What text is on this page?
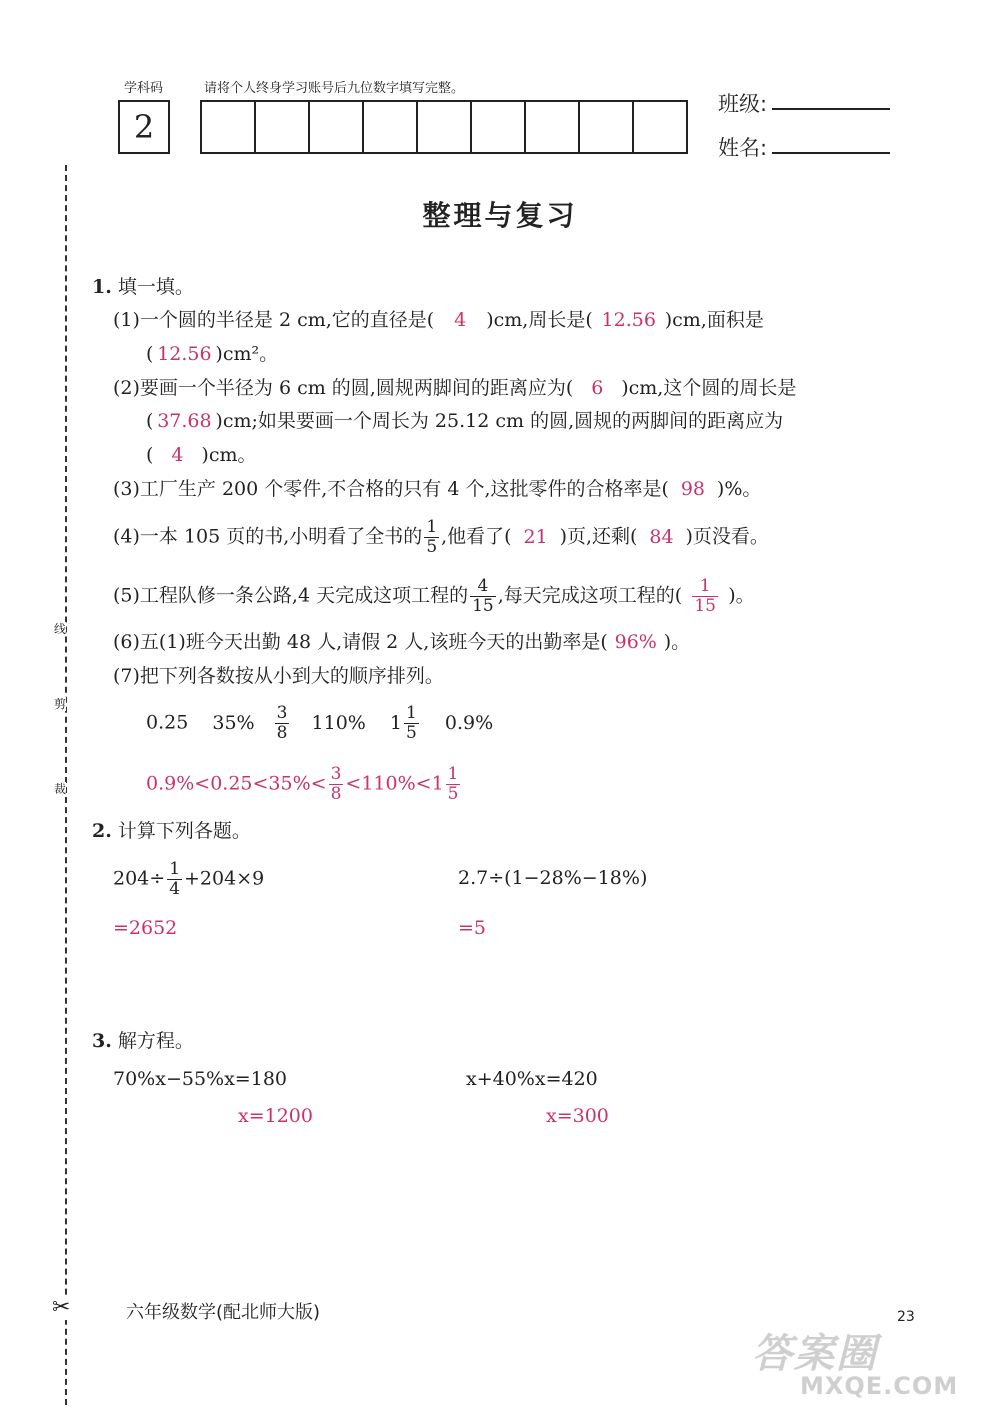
学科码	请将个人终身学习账号后九位数字填写完整。
2
班级:
姓名:
线
剪
裁
✂
整理与复习
1. 填一填。
(1)一个圆的半径是 2 cm,它的直径是( 4 )cm,周长是( 12.56 )cm,面积是
( 12.56 )cm²。
(2)要画一个半径为 6 cm 的圆,圆规两脚间的距离应为( 6 )cm,这个圆的周长是
( 37.68 )cm;如果要画一个周长为 25.12 cm 的圆,圆规的两脚间的距离应为
( 4 )cm。
(3)工厂生产 200 个零件,不合格的只有 4 个,这批零件的合格率是( 98 )%。
(4)一本 105 页的书,小明看了全书的 $\frac{1}{5}$ ,他看了( 21 )页,还剩( 84 )页没看。
(5)工程队修一条公路,4 天完成这项工程的 $\frac{4}{15}$ ,每天完成这项工程的( $\frac{1}{15}$ )。
(6)五(1)班今天出勤 48 人,请假 2 人,该班今天的出勤率是( 96% )。
(7)把下列各数按从小到大的顺序排列。
0.25 $35\% \frac{3}{8} 110\%$ $1 \frac{1}{5} 0.9\%$
$0.9\%<0.25<35\%< \frac{3}{8} <110\%<1 \frac{1}{5}$
2. 计算下列各题。
$204\div \frac{1}{4} +204\times 9$
=2652
2.7÷(1−28%−18%)
=5
3. 解方程。
70%x−55%x=180
x=1200
x+40%x=420
x=300
六年级数学(配北师大版)	23
答案圈
MXQE.COM
